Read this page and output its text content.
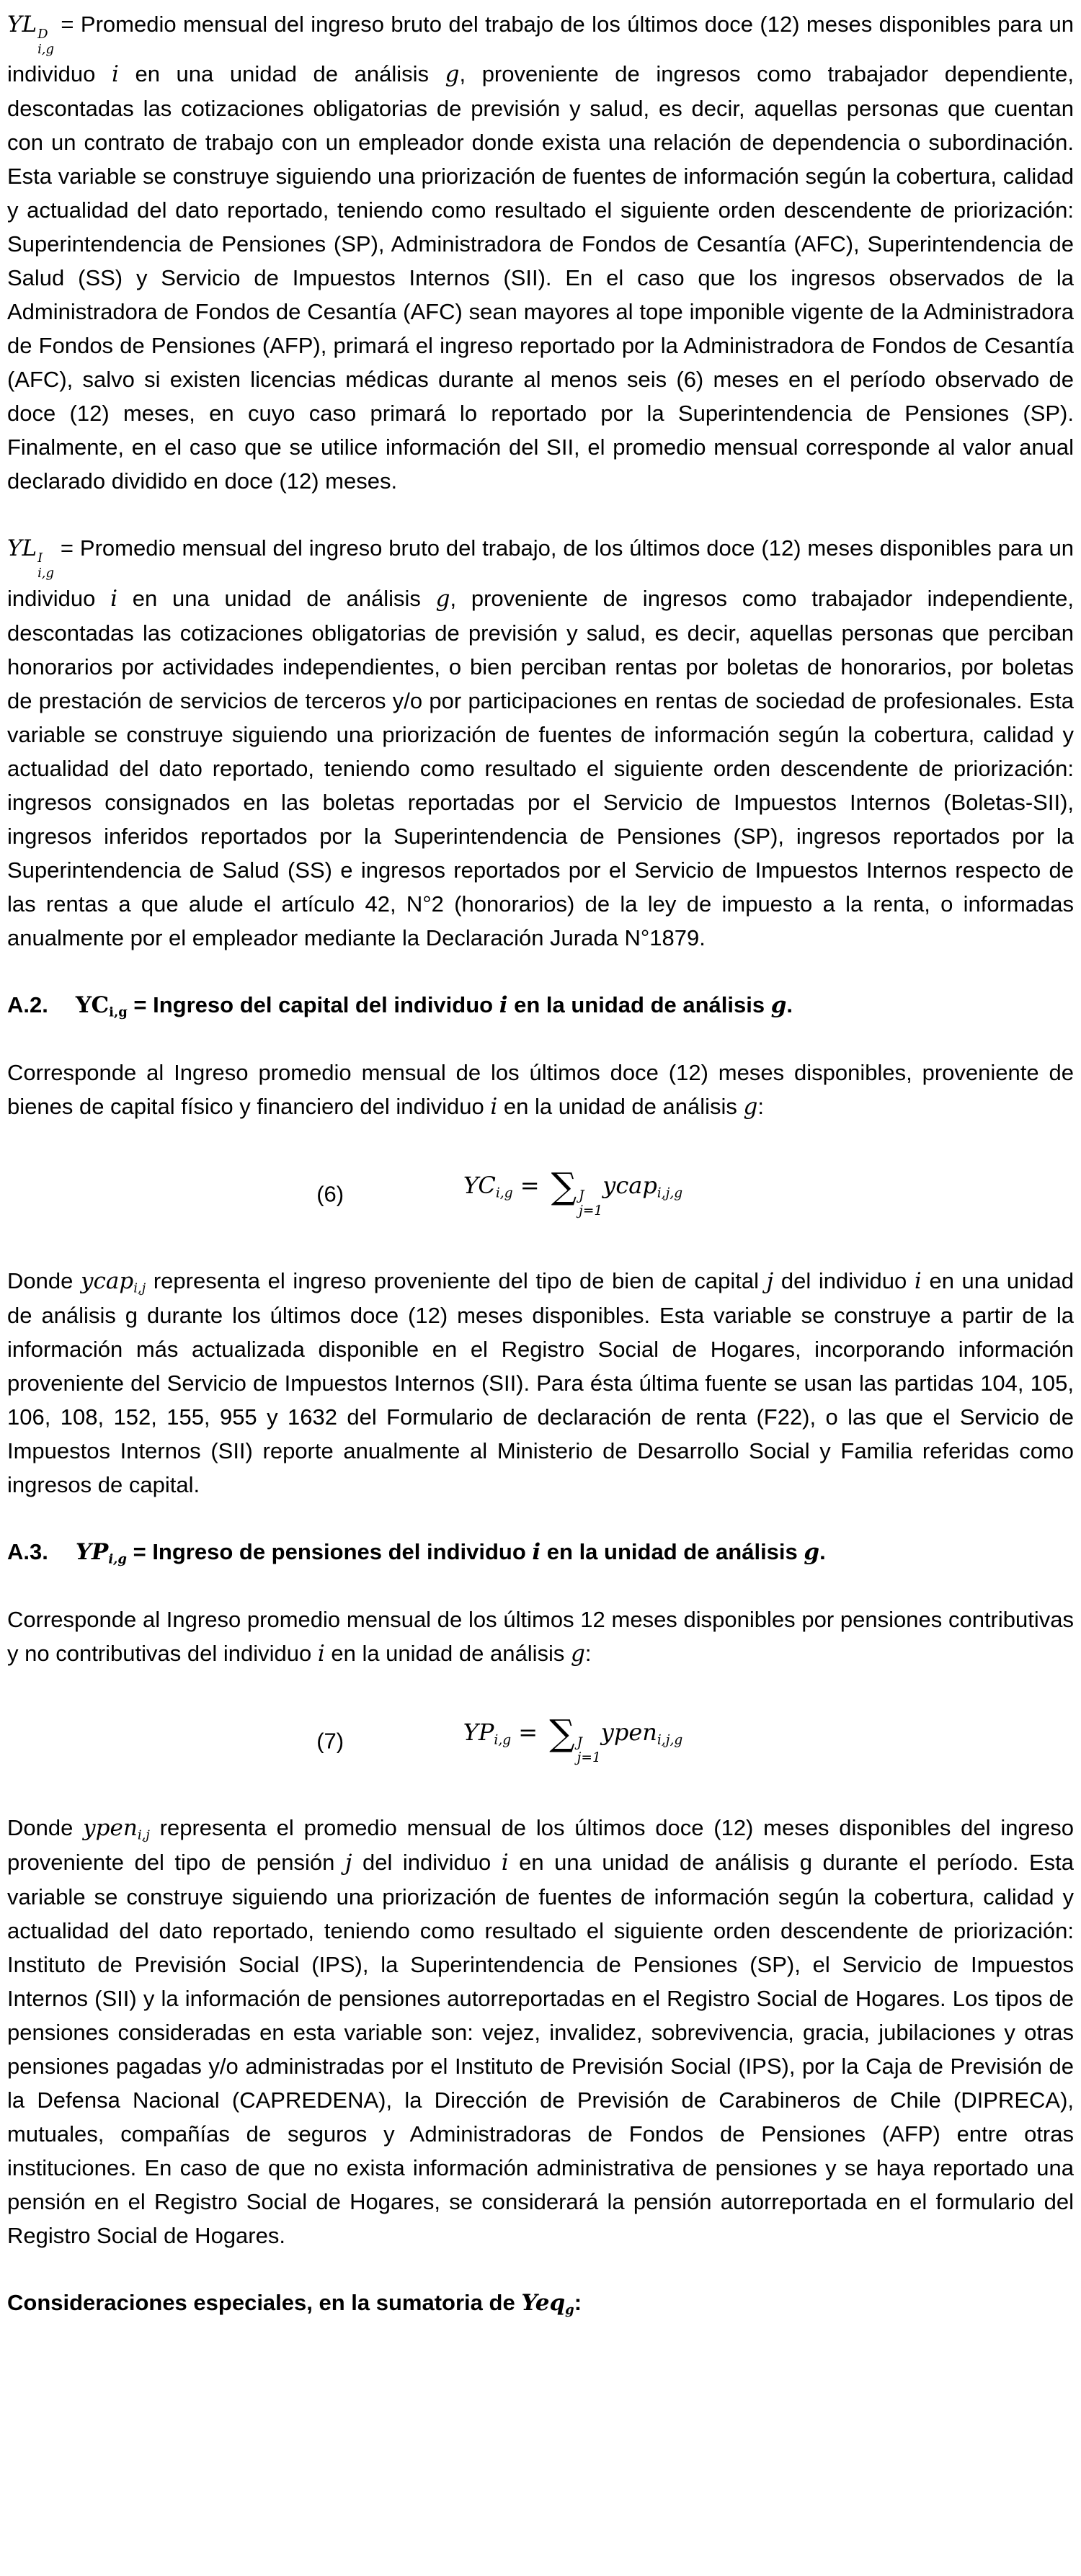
YL D
i,g
= Promedio mensual del ingreso bruto del trabajo de los últimos doce (12) meses disponibles para un individuo i en una unidad de análisis g, proveniente de ingresos como trabajador dependiente, descontadas las cotizaciones obligatorias de previsión y salud, es decir, aquellas personas que cuentan con un contrato de trabajo con un empleador donde exista una relación de dependencia o subordinación. Esta variable se construye siguiendo una priorización de fuentes de información según la cobertura, calidad y actualidad del dato reportado, teniendo como resultado el siguiente orden descendente de priorización: Superintendencia de Pensiones (SP), Administradora de Fondos de Cesantía (AFC), Superintendencia de Salud (SS) y Servicio de Impuestos Internos (SII). En el caso que los ingresos observados de la Administradora de Fondos de Cesantía (AFC) sean mayores al tope imponible vigente de la Administradora de Fondos de Pensiones (AFP), primará el ingreso reportado por la Administradora de Fondos de Cesantía (AFC), salvo si existen licencias médicas durante al menos seis (6) meses en el período observado de doce (12) meses, en cuyo caso primará lo reportado por la Superintendencia de Pensiones (SP). Finalmente, en el caso que se utilice información del SII, el promedio mensual corresponde al valor anual declarado dividido en doce (12) meses.

YL I
i,g
= Promedio mensual del ingreso bruto del trabajo, de los últimos doce (12) meses disponibles para un individuo i en una unidad de análisis g, proveniente de ingresos como trabajador independiente, descontadas las cotizaciones obligatorias de previsión y salud, es decir, aquellas personas que perciban honorarios por actividades independientes, o bien perciban rentas por boletas de honorarios, por boletas de prestación de servicios de terceros y/o por participaciones en rentas de sociedad de profesionales. Esta variable se construye siguiendo una priorización de fuentes de información según la cobertura, calidad y actualidad del dato reportado, teniendo como resultado el siguiente orden descendente de priorización: ingresos consignados en las boletas reportadas por el Servicio de Impuestos Internos (Boletas-SII), ingresos inferidos reportados por la Superintendencia de Pensiones (SP), ingresos reportados por la Superintendencia de Salud (SS) e ingresos reportados por el Servicio de Impuestos Internos respecto de las rentas a que alude el artículo 42, N°2 (honorarios) de la ley de impuesto a la renta, o informadas anualmente por el empleador mediante la Declaración Jurada N°1879.

A.2. YCi,g = Ingreso del capital del individuo i en la unidad de análisis g.

Corresponde al Ingreso promedio mensual de los últimos doce (12) meses disponibles, proveniente de bienes de capital físico y financiero del individuo i en la unidad de análisis g:

(6)	YCi,g = ∑ J
j=1
ycapi,j,g

Donde ycapi,j representa el ingreso proveniente del tipo de bien de capital j del individuo i en una unidad de análisis g durante los últimos doce (12) meses disponibles. Esta variable se construye a partir de la información más actualizada disponible en el Registro Social de Hogares, incorporando información proveniente del Servicio de Impuestos Internos (SII). Para ésta última fuente se usan las partidas 104, 105, 106, 108, 152, 155, 955 y 1632 del Formulario de declaración de renta (F22), o las que el Servicio de Impuestos Internos (SII) reporte anualmente al Ministerio de Desarrollo Social y Familia referidas como ingresos de capital.

A.3. YPi,g = Ingreso de pensiones del individuo i en la unidad de análisis g.

Corresponde al Ingreso promedio mensual de los últimos 12 meses disponibles por pensiones contributivas y no contributivas del individuo i en la unidad de análisis g:

(7)	YPi,g = ∑ J
j=1
ypeni,j,g

Donde ypeni,j representa el promedio mensual de los últimos doce (12) meses disponibles del ingreso proveniente del tipo de pensión j del individuo i en una unidad de análisis g durante el período. Esta variable se construye siguiendo una priorización de fuentes de información según la cobertura, calidad y actualidad del dato reportado, teniendo como resultado el siguiente orden descendente de priorización: Instituto de Previsión Social (IPS), la Superintendencia de Pensiones (SP), el Servicio de Impuestos Internos (SII) y la información de pensiones autorreportadas en el Registro Social de Hogares. Los tipos de pensiones consideradas en esta variable son: vejez, invalidez, sobrevivencia, gracia, jubilaciones y otras pensiones pagadas y/o administradas por el Instituto de Previsión Social (IPS), por la Caja de Previsión de la Defensa Nacional (CAPREDENA), la Dirección de Previsión de Carabineros de Chile (DIPRECA), mutuales, compañías de seguros y Administradoras de Fondos de Pensiones (AFP) entre otras instituciones. En caso de que no exista información administrativa de pensiones y se haya reportado una pensión en el Registro Social de Hogares, se considerará la pensión autorreportada en el formulario del Registro Social de Hogares.

Consideraciones especiales, en la sumatoria de Yeqg:
